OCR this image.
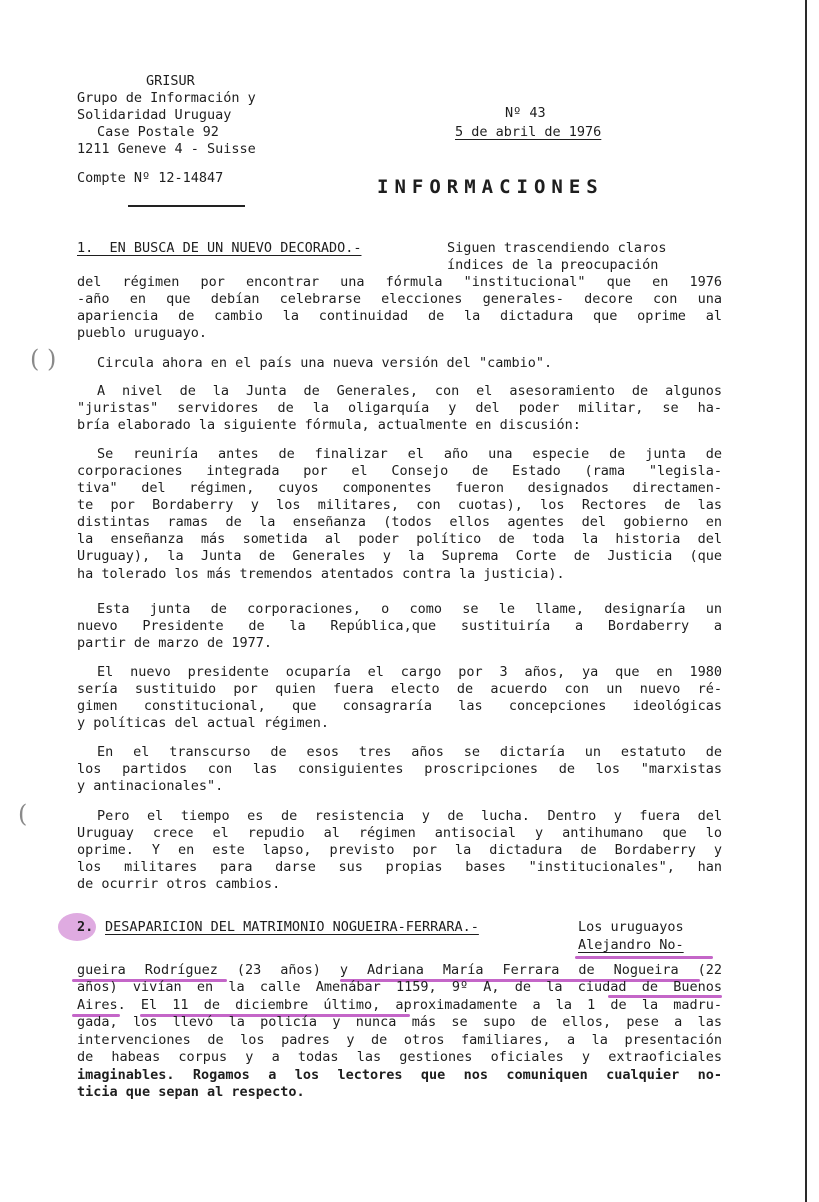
GRISUR
Grupo de Información y
Solidaridad Uruguay
Case Postale 92
1211 Geneve 4 - Suisse
Compte Nº 12-14847
Nº 43
5 de abril de 1976
INFORMACIONES
1.  EN BUSCA DE UN NUEVO DECORADO.-	Siguen trascendiendo claros
índices de la preocupación
del régimen por encontrar una fórmula "institucional" que en 1976
-año en que debían celebrarse elecciones generales- decore con una
apariencia de cambio la continuidad de la dictadura que oprime al
pueblo uruguayo.
Circula ahora en el país una nueva versión del "cambio".
A nivel de la Junta de Generales, con el asesoramiento de algunos
"juristas" servidores de la oligarquía y del poder militar, se ha-
bría elaborado la siguiente fórmula, actualmente en discusión:
Se reuniría antes de finalizar el año una especie de junta de
corporaciones integrada por el Consejo de Estado (rama "legisla-
tiva" del régimen, cuyos componentes fueron designados directamen-
te por Bordaberry y los militares, con cuotas), los Rectores de las
distintas ramas de la enseñanza (todos ellos agentes del gobierno en
la enseñanza más sometida al poder político de toda la historia del
Uruguay), la Junta de Generales y la Suprema Corte de Justicia (que
ha tolerado los más tremendos atentados contra la justicia).
Esta junta de corporaciones, o como se le llame, designaría un
nuevo Presidente de la República,que sustituiría a Bordaberry a
partir de marzo de 1977.
El nuevo presidente ocuparía el cargo por 3 años, ya que en 1980
sería sustituido por quien fuera electo de acuerdo con un nuevo ré-
gimen constitucional, que consagraría las concepciones ideológicas
y políticas del actual régimen.
En el transcurso de esos tres años se dictaría un estatuto de
los partidos con las consiguientes proscripciones de los "marxistas
y antinacionales".
Pero el tiempo es de resistencia y de lucha. Dentro y fuera del
Uruguay crece el repudio al régimen antisocial y antihumano que lo
oprime. Y en este lapso, previsto por la dictadura de Bordaberry y
los militares para darse sus propias bases "institucionales", han
de ocurrir otros cambios.
2. DESAPARICION DEL MATRIMONIO NOGUEIRA-FERRARA.-	Los uruguayos
Alejandro No-
gueira Rodríguez (23 años) y Adriana María Ferrara de Nogueira (22
años) vivían en la calle Amenábar 1159, 9º A, de la ciudad de Buenos
Aires. El 11 de diciembre último, aproximadamente a la 1 de la madru-
gada, los llevó la policía y nunca más se supo de ellos, pese a las
intervenciones de los padres y de otros familiares, a la presentación
de habeas corpus y a todas las gestiones oficiales y extraoficiales
imaginables. Rogamos a los lectores que nos comuniquen cualquier no-
ticia que sepan al respecto.
( )
(
